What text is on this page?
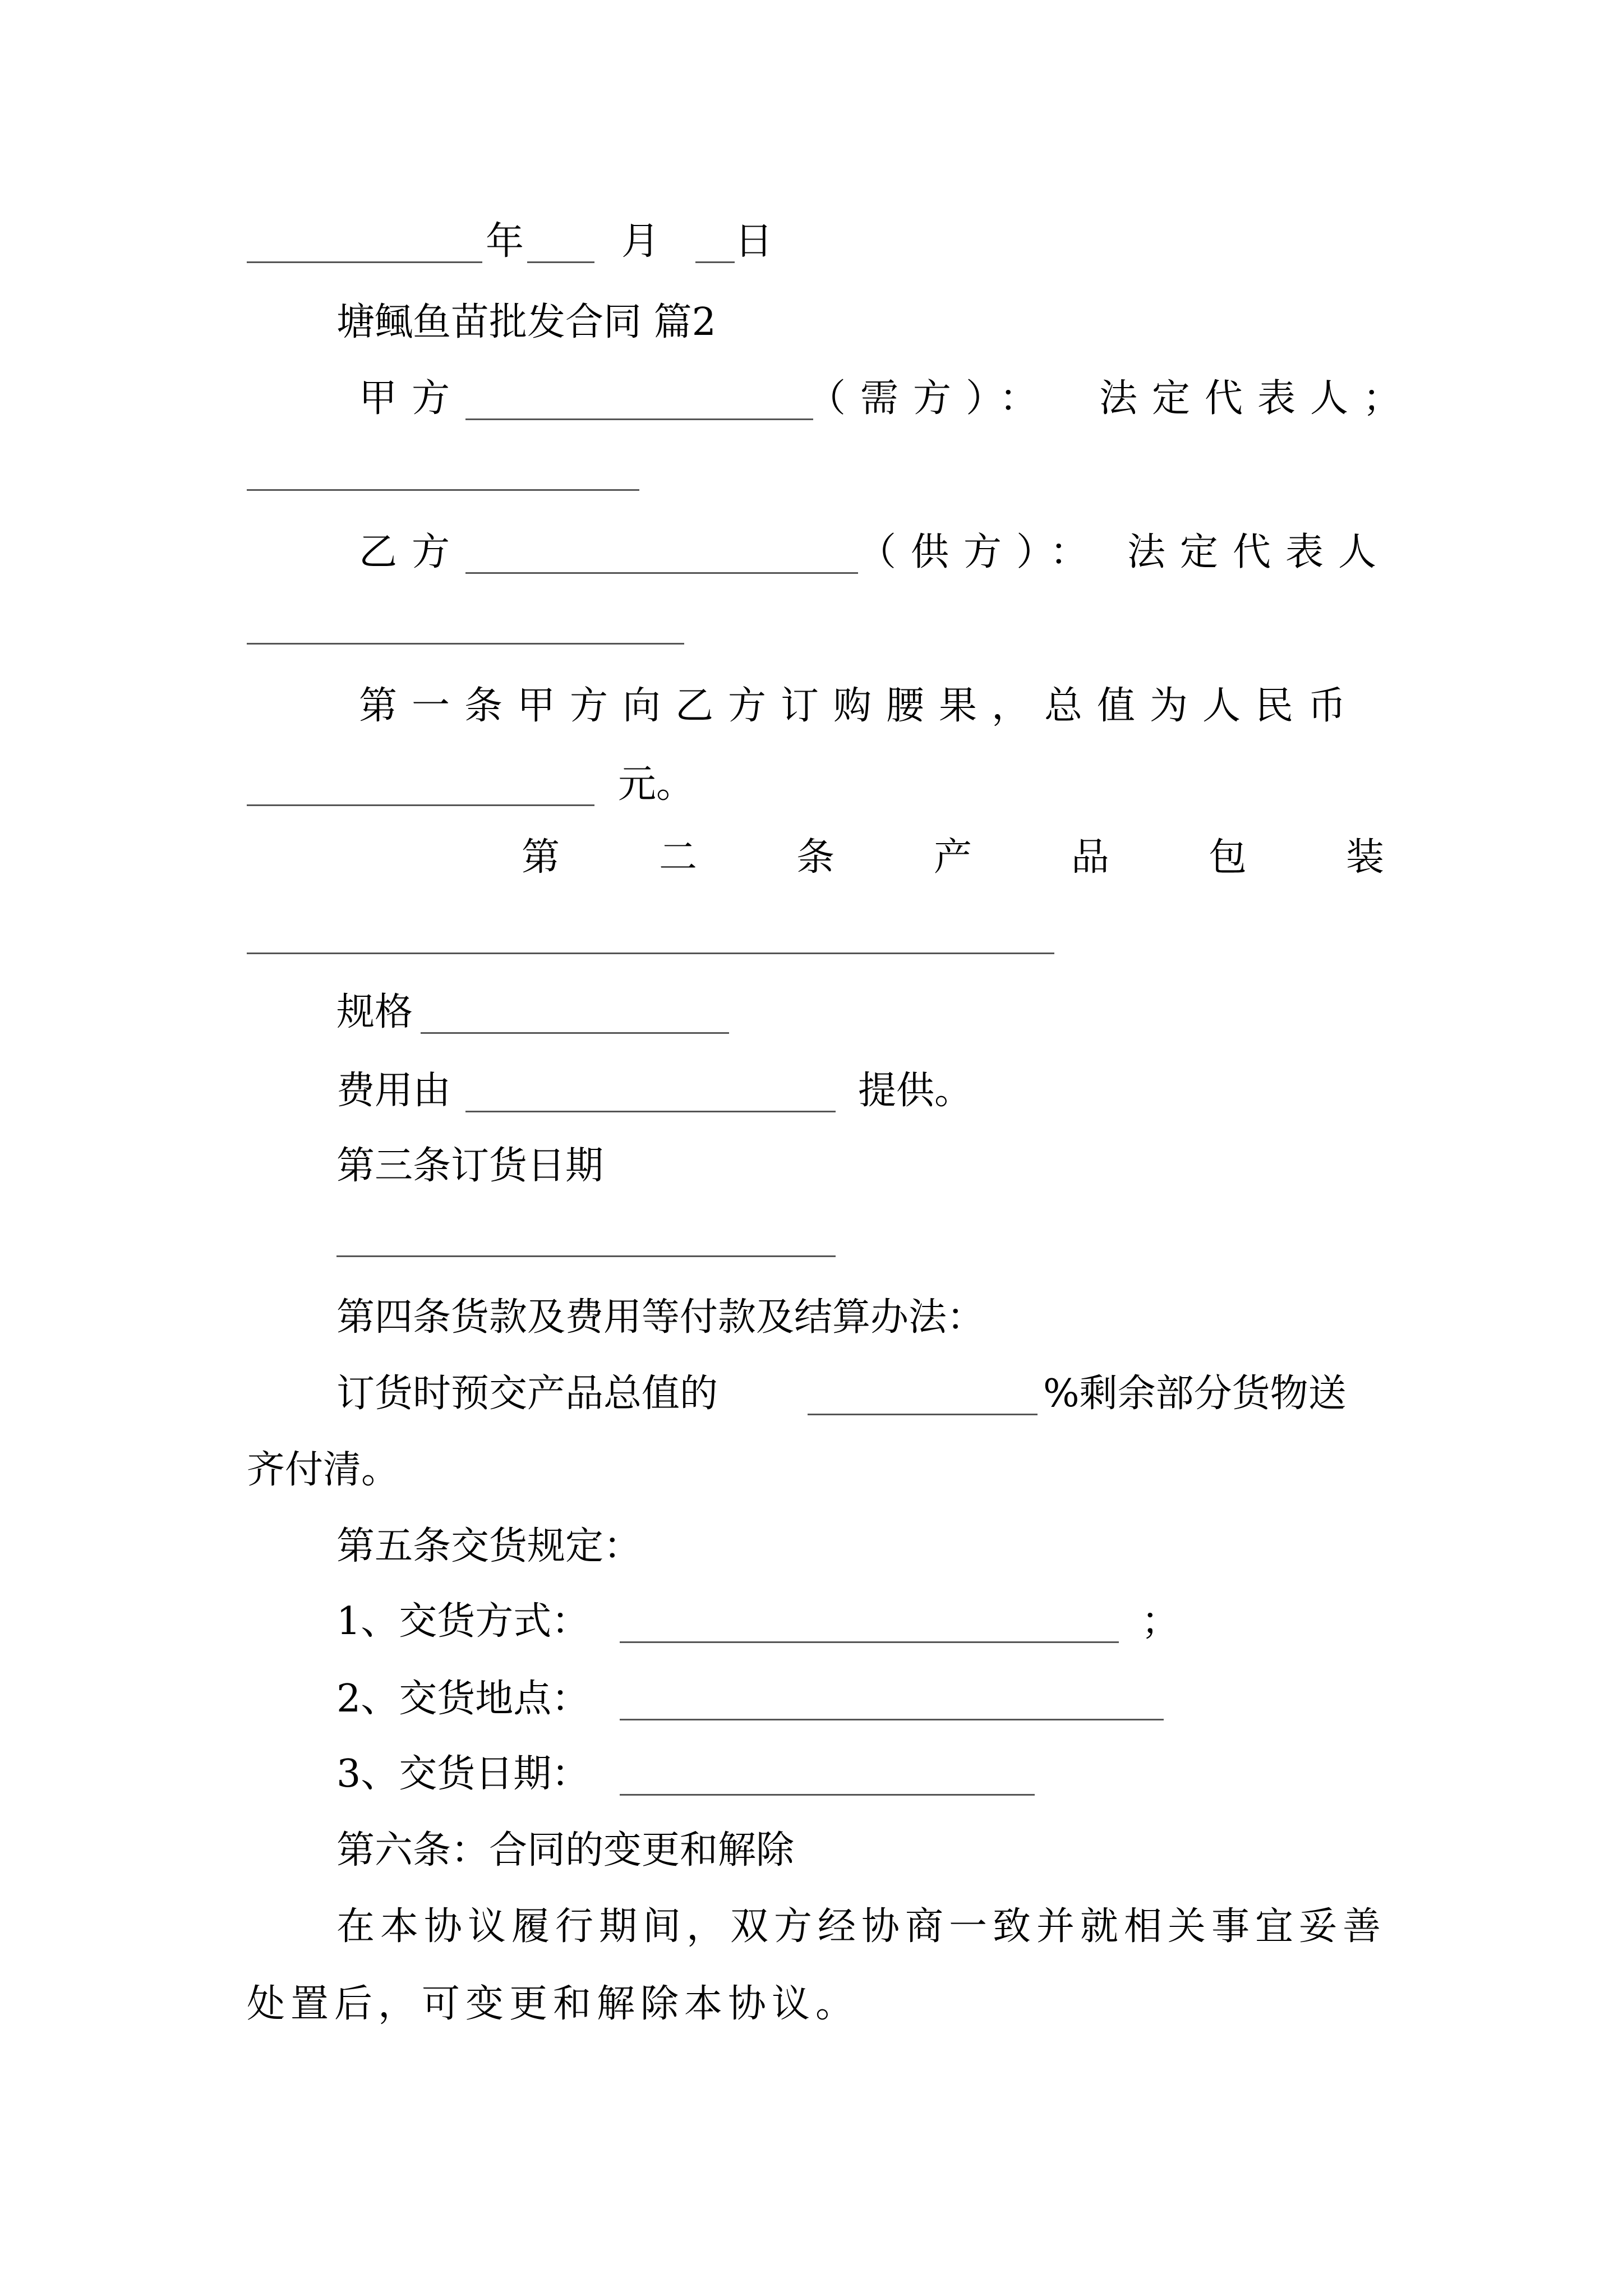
年	月 日
塘鲺鱼苗批发合同 篇2
甲方	（需方）： 法定代表人；
乙方	（供方）： 法定代表人
第一条甲方向乙方订购腰果，总值为人民币
元。
第	二	条	产	品	包	装
规格
费用由	提供。
第三条订货日期
第四条货款及费用等付款及结算办法：
订货时预交产品总值的	%剩余部分货物送
齐付清。
第五条交货规定：
1、交货方式：	；
2、交货地点：
3、交货日期：
第六条：合同的变更和解除
在本协议履行期间，双方经协商一致并就相关事宜妥善
处置后，可变更和解除本协议。
